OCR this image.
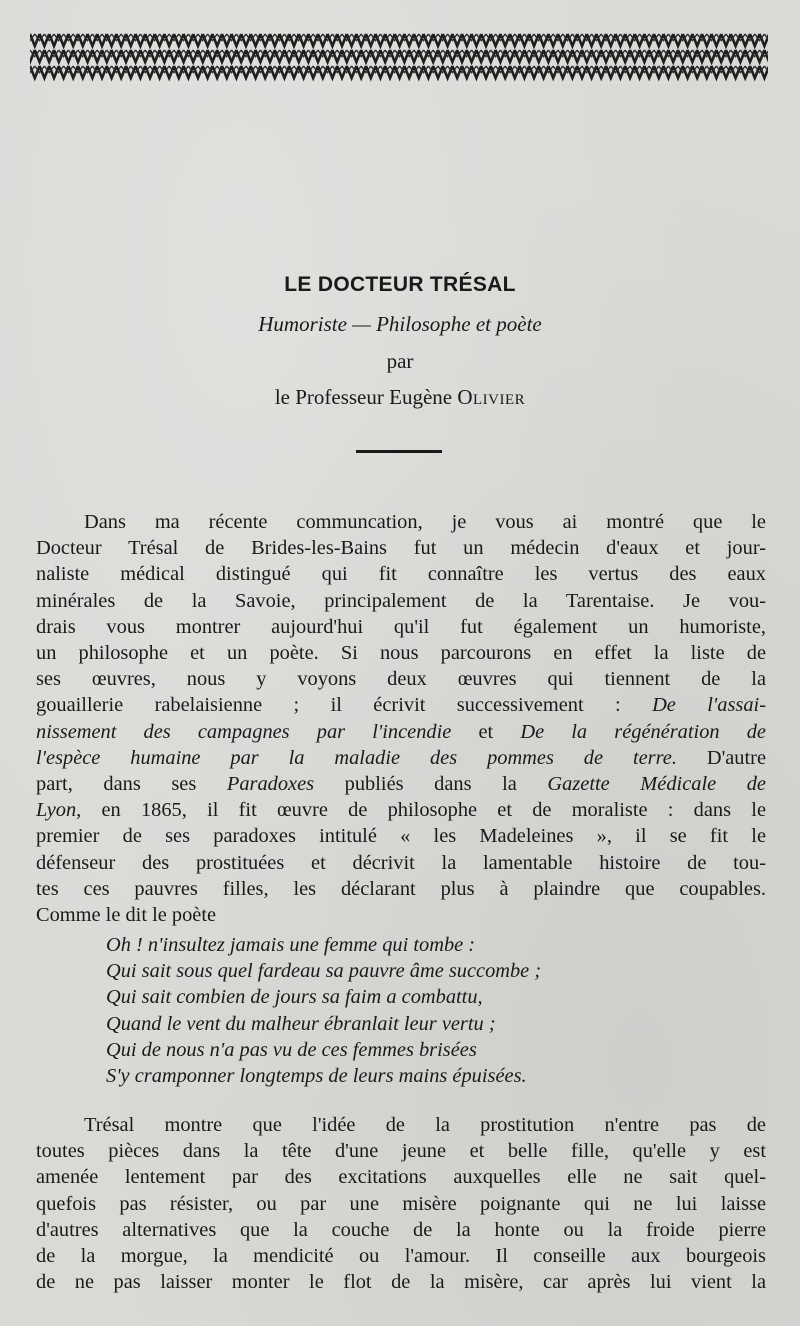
LE DOCTEUR TRÉSAL
Humoriste — Philosophe et poète
par
le Professeur Eugène Olivier
Dans ma récente communcation, je vous ai montré que le
Docteur Trésal de Brides-les-Bains fut un médecin d'eaux et jour-
naliste médical distingué qui fit connaître les vertus des eaux
minérales de la Savoie, principalement de la Tarentaise. Je vou-
drais vous montrer aujourd'hui qu'il fut également un humoriste,
un philosophe et un poète. Si nous parcourons en effet la liste de
ses œuvres, nous y voyons deux œuvres qui tiennent de la
gouaillerie rabelaisienne ; il écrivit successivement : De l'assai-
nissement des campagnes par l'incendie et De la régénération de
l'espèce humaine par la maladie des pommes de terre. D'autre
part, dans ses Paradoxes publiés dans la Gazette Médicale de
Lyon, en 1865, il fit œuvre de philosophe et de moraliste : dans le
premier de ses paradoxes intitulé « les Madeleines », il se fit le
défenseur des prostituées et décrivit la lamentable histoire de tou-
tes ces pauvres filles, les déclarant plus à plaindre que coupables.
Comme le dit le poète
Oh ! n'insultez jamais une femme qui tombe :
Qui sait sous quel fardeau sa pauvre âme succombe ;
Qui sait combien de jours sa faim a combattu,
Quand le vent du malheur ébranlait leur vertu ;
Qui de nous n'a pas vu de ces femmes brisées
S'y cramponner longtemps de leurs mains épuisées.
Trésal montre que l'idée de la prostitution n'entre pas de
toutes pièces dans la tête d'une jeune et belle fille, qu'elle y est
amenée lentement par des excitations auxquelles elle ne sait quel-
quefois pas résister, ou par une misère poignante qui ne lui laisse
d'autres alternatives que la couche de la honte ou la froide pierre
de la morgue, la mendicité ou l'amour. Il conseille aux bourgeois
de ne pas laisser monter le flot de la misère, car après lui vient la
